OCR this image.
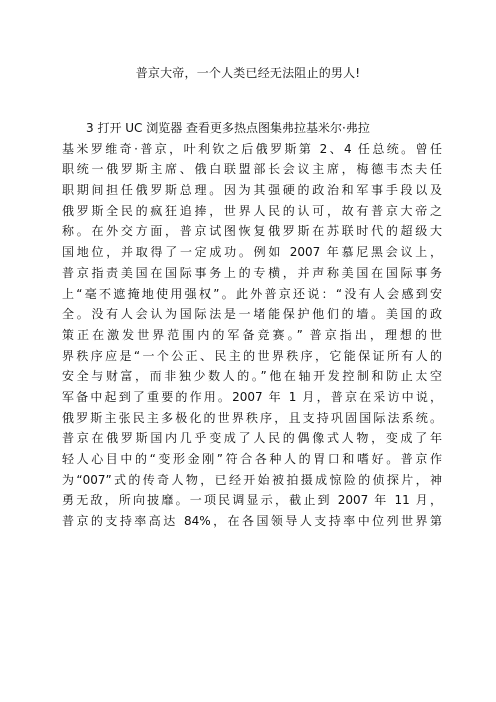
普京大帝，一个人类已经无法阻止的男人!
3 打开 UC 浏览器 查看更多热点图集弗拉基米尔·弗拉
基米罗维奇·普京，叶利钦之后俄罗斯第 2、4 任总统。曾任
职统一俄罗斯主席、俄白联盟部长会议主席，梅德韦杰夫任
职期间担任俄罗斯总理。因为其强硬的政治和军事手段以及
俄罗斯全民的疯狂追捧，世界人民的认可，故有普京大帝之
称。在外交方面，普京试图恢复俄罗斯在苏联时代的超级大
国地位，并取得了一定成功。例如 2007 年慕尼黑会议上，
普京指责美国在国际事务上的专横，并声称美国在国际事务
上“毫不遮掩地使用强权”。此外普京还说：“没有人会感到安
全。没有人会认为国际法是一堵能保护他们的墙。美国的政
策正在激发世界范围内的军备竞赛。” 普京指出，理想的世
界秩序应是“一个公正、民主的世界秩序，它能保证所有人的
安全与财富，而非独少数人的。”他在轴开发控制和防止太空
军备中起到了重要的作用。2007 年 1 月，普京在采访中说，
俄罗斯主张民主多极化的世界秩序，且支持巩固国际法系统。
普京在俄罗斯国内几乎变成了人民的偶像式人物，变成了年
轻人心目中的“变形金刚”符合各种人的胃口和嗜好。普京作
为“007”式的传奇人物，已经开始被拍摄成惊险的侦探片，神
勇无敌，所向披靡。一项民调显示，截止到 2007 年 11 月，
普京的支持率高达 84%，在各国领导人支持率中位列世界第
